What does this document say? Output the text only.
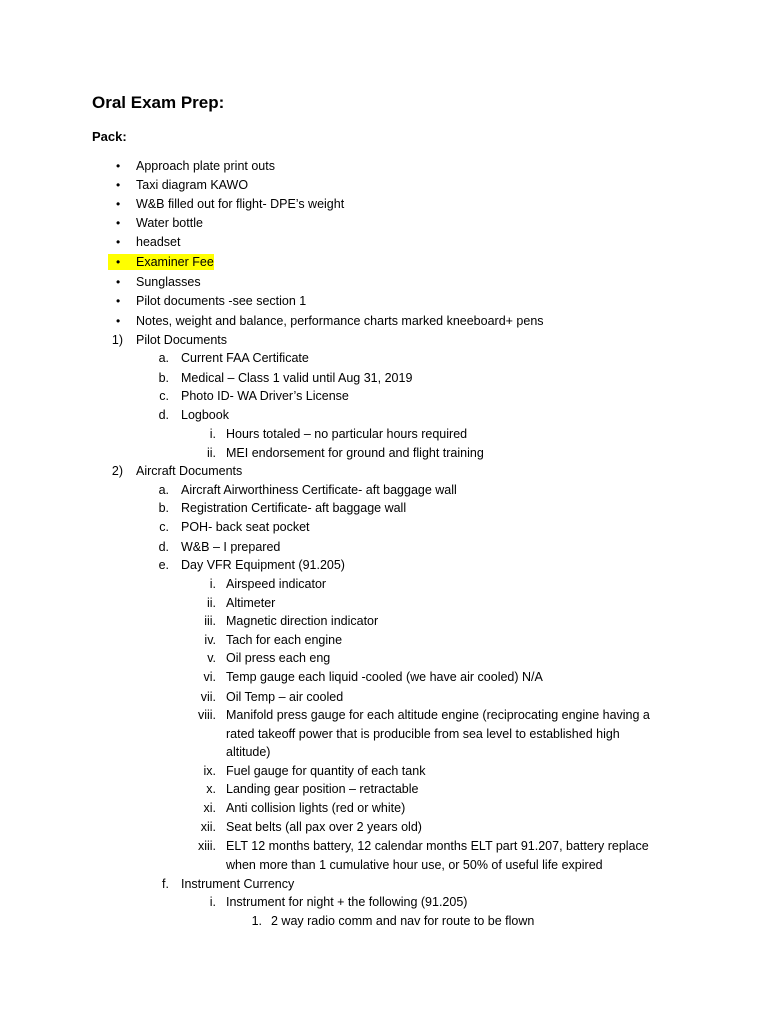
Oral Exam Prep:
Pack:
• Approach plate print outs
• Taxi diagram KAWO
• W&B filled out for flight- DPE’s weight
• Water bottle
• headset
•	Examiner Fee
• Sunglasses
• Pilot documents -see section 1
• Notes, weight and balance, performance charts marked kneeboard+ pens
1) Pilot Documents
a. Current FAA Certificate
b. Medical – Class 1 valid until Aug 31, 2019
c. Photo ID- WA Driver’s License
d. Logbook
i. Hours totaled – no particular hours required
ii. MEI endorsement for ground and flight training
2) Aircraft Documents
a. Aircraft Airworthiness Certificate- aft baggage wall
b. Registration Certificate- aft baggage wall
c. POH- back seat pocket
d. W&B – I prepared
e. Day VFR Equipment (91.205)
i. Airspeed indicator
ii. Altimeter
iii. Magnetic direction indicator
iv. Tach for each engine
v. Oil press each eng
vi. Temp gauge each liquid -cooled (we have air cooled) N/A
vii. Oil Temp – air cooled
viii. Manifold press gauge for each altitude engine (reciprocating engine having a
rated takeoff power that is producible from sea level to established high
altitude)
ix. Fuel gauge for quantity of each tank
x. Landing gear position – retractable
xi. Anti collision lights (red or white)
xii. Seat belts (all pax over 2 years old)
xiii. ELT 12 months battery, 12 calendar months ELT part 91.207, battery replace
when more than 1 cumulative hour use, or 50% of useful life expired
f. Instrument Currency
i. Instrument for night + the following (91.205)
1. 2 way radio comm and nav for route to be flown
